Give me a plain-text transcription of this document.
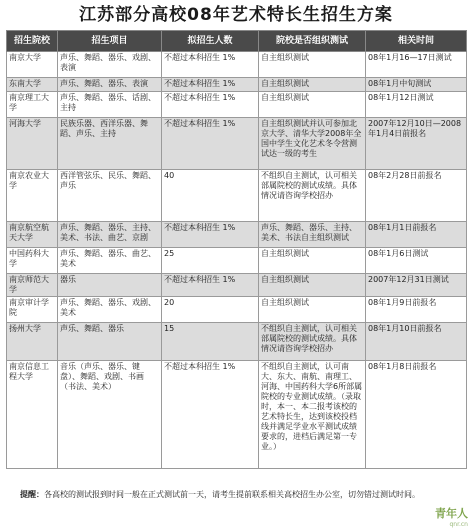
江苏部分高校08年艺术特长生招生方案
招生院校	招生项目	拟招生人数	院校是否组织测试	相关时间
南京大学	声乐、舞蹈、器乐、戏剧、表演	不超过本科招生 1%	自主组织测试	08年1月16—17日测试
东南大学	声乐、舞蹈、器乐、表演	不超过本科招生 1%	自主组织测试	08年1月中旬测试
南京理工大学	声乐、舞蹈、器乐、话剧、主持	不超过本科招生 1%	自主组织测试	08年1月12日测试
河海大学	民族乐器、西洋乐器、舞蹈、声乐、主持	不超过本科招生 1%	自主组织测试并认可参加北京大学、清华大学2008年全国中学生文化艺术冬令营测试达一级的考生	2007年12月10日—2008年1月4日前报名
南京农业大学	西洋管弦乐、民乐、舞蹈、声乐	40	不组织自主测试，认可相关部属院校的测试成绩。具体情况请咨询学校招办	08年2月28日前报名
南京航空航天大学	声乐、舞蹈、器乐、主持、美术、书法、曲艺、京剧	不超过本科招生 1%	声乐、舞蹈、器乐、主持、美术、书法自主组织测试	08年1月1日前报名
中国药科大学	声乐、舞蹈、器乐、曲艺、美术	25	自主组织测试	08年1月6日测试
南京师范大学	器乐	不超过本科招生 1%	自主组织测试	2007年12月31日测试
南京审计学院	声乐、舞蹈、器乐、戏剧、美术	20	自主组织测试	08年1月9日前报名
扬州大学	声乐、舞蹈、器乐	15	不组织自主测试，认可相关部属院校的测试成绩。具体情况请咨询学校招办	08年1月10日前报名
南京信息工程大学	音乐（声乐、器乐、键盘）、舞蹈、戏剧、书画（书法、美术）	不超过本科招生 1%	不组织自主测试，认可南大、东大、南航、南理工、河海、中国药科大学6所部属院校的专业测试成绩。（录取时，本一、本二报考该校的艺术特长生，达到该校投档线并满足学业水平测试成绩要求的，进档后满足第一专业。）	08年1月8日前报名
提醒：各高校的测试报到时间一般在正式测试前一天，请考生提前联系相关高校招生办公室，切勿错过测试时间。
青年人
qnr.cn
